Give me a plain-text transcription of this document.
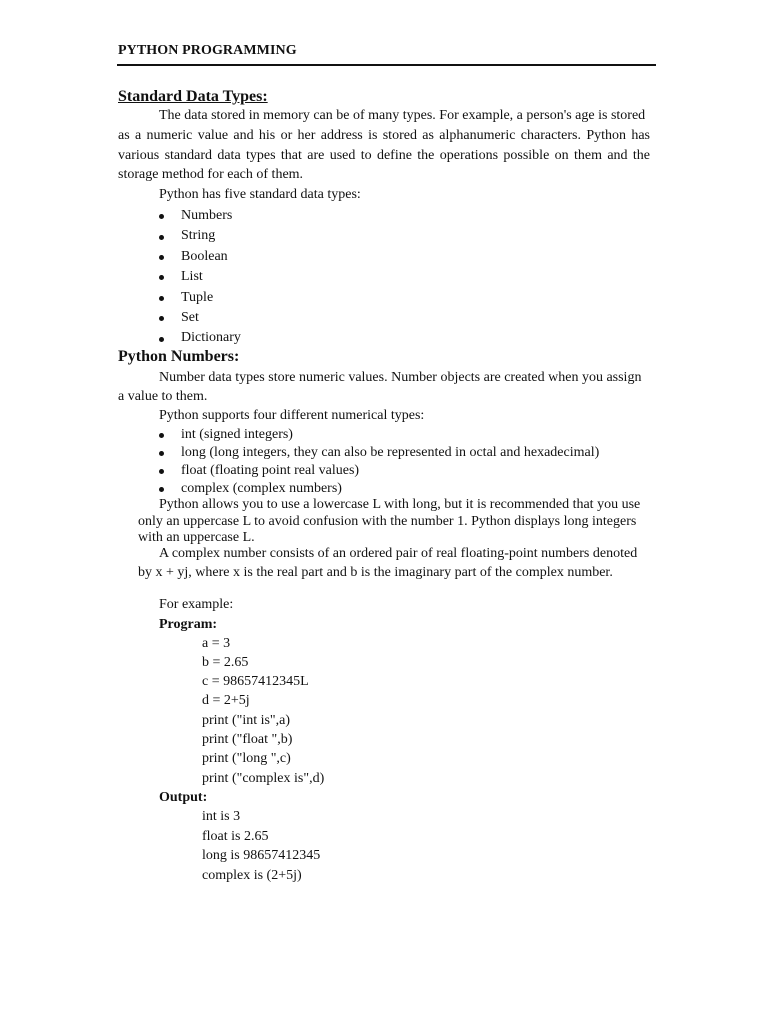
PYTHON PROGRAMMING
Standard Data Types:
The data stored in memory can be of many types. For example, a person's age is stored
as a numeric value and his or her address is stored as alphanumeric characters. Python has
various standard data types that are used to define the operations possible on them and the
storage method for each of them.
Python has five standard data types:
Numbers
String
Boolean
List
Tuple
Set
Dictionary
Python Numbers:
Number data types store numeric values. Number objects are created when you assign
a value to them.
Python supports four different numerical types:
int (signed integers)
long (long integers, they can also be represented in octal and hexadecimal)
float (floating point real values)
complex (complex numbers)
Python allows you to use a lowercase L with long, but it is recommended that you use
only an uppercase L to avoid confusion with the number 1. Python displays long integers
with an uppercase L.
A complex number consists of an ordered pair of real floating-point numbers denoted
by x + yj, where x is the real part and b is the imaginary part of the complex number.
For example:
Program:
a = 3
b = 2.65
c = 98657412345L
d = 2+5j
print ("int is",a)
print ("float ",b)
print ("long ",c)
print ("complex is",d)
Output:
int is 3
float is 2.65
long is 98657412345
complex is (2+5j)
